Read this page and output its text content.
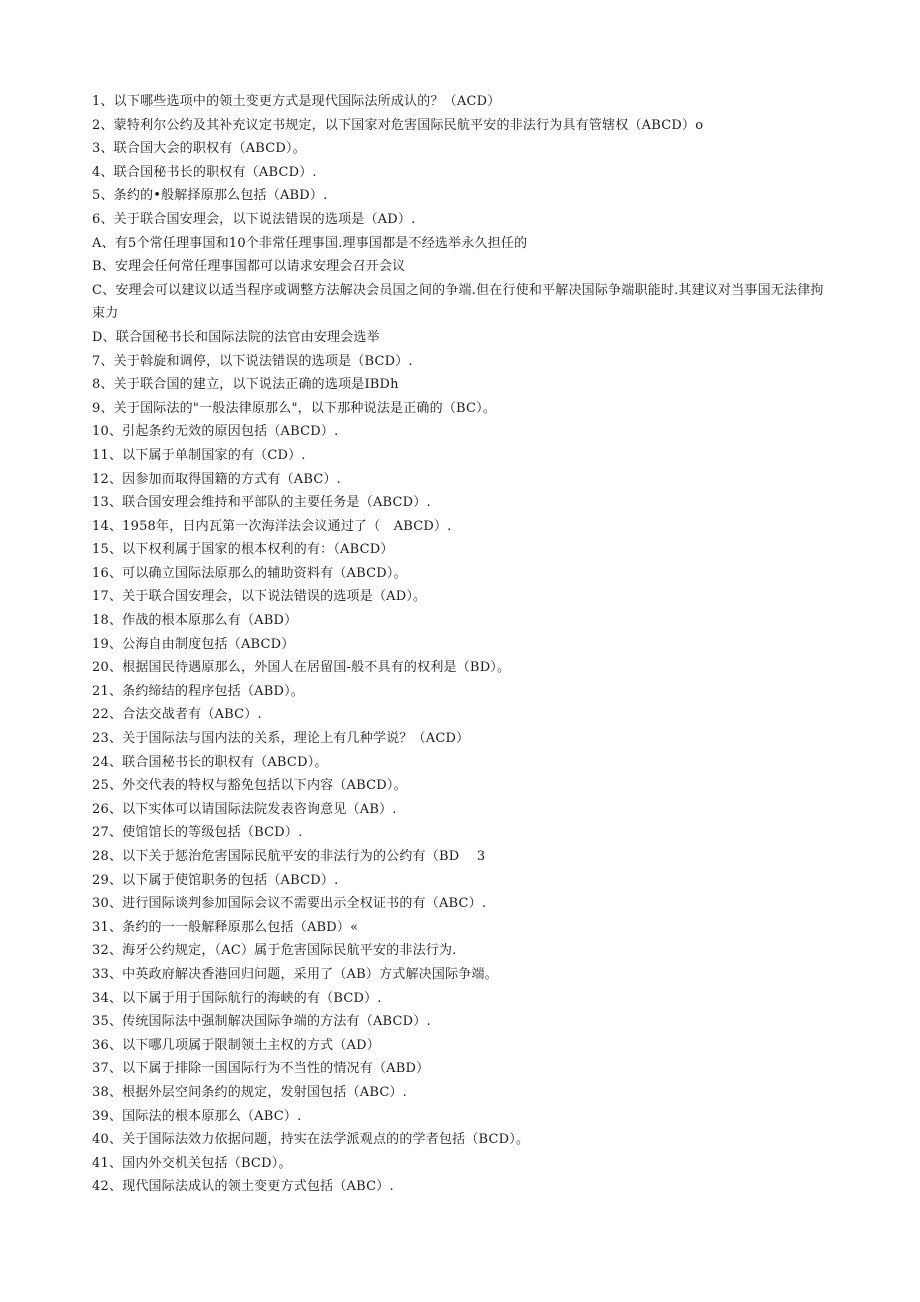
1、以下哪些选项中的领土变更方式是现代国际法所成认的？（ACD）
2、蒙特利尔公约及其补充议定书规定，以下国家对危害国际民航平安的非法行为具有管辖权（ABCD）o
3、联合国大会的职权有（ABCD）。
4、联合国秘书长的职权有（ABCD）.
5、条约的•般解择原那么包括（ABD）.
6、关于联合国安理会，以下说法错误的选项是（AD）.
A、有5个常任理事国和10个非常任理事国.理事国都是不经选举永久担任的
B、安理会任何常任理事国都可以请求安理会召开会议
C、安理会可以建议以适当程序或调整方法解决会员国之间的争端.但在行使和平解决国际争端职能时.其建议对当事国无法律拘束力
D、联合国秘书长和国际法院的法官由安理会选举
7、关于斡旋和调停，以下说法错误的选项是（BCD）.
8、关于联合国的建立，以下说法正确的选项是IBDh
9、关于国际法的"一般法律原那么"，以下那种说法是正确的（BC）。
10、引起条约无效的原因包括（ABCD）.
11、以下属于单制国家的有（CD）.
12、因参加而取得国籍的方式有（ABC）.
13、联合国安理会维持和平部队的主要任务是（ABCD）.
14、1958年，日内瓦第一次海洋法会议通过了（　ABCD）.
15、以下权利属于国家的根本权利的有：（ABCD）
16、可以确立国际法原那么的辅助资料有（ABCD）。
17、关于联合国安理会，以下说法错误的选项是（AD）。
18、作战的根本原那么有（ABD）
19、公海自由制度包括（ABCD）
20、根据国民待遇原那么，外国人在居留国-般不具有的权利是（BD）。
21、条约缔结的程序包括（ABD）。
22、合法交战者有（ABC）.
23、关于国际法与国内法的关系，理论上有几种学说？（ACD）
24、联合国秘书长的职权有（ABCD）。
25、外交代表的特权与豁免包括以下内容（ABCD）。
26、以下实体可以请国际法院发表咨询意见（AB）.
27、使馆馆长的等级包括（BCD）.
28、以下关于惩治危害国际民航平安的非法行为的公约有（BD　 3
29、以下属于使馆职务的包括（ABCD）.
30、进行国际谈判参加国际会议不需要出示全权证书的有（ABC）.
31、条约的一一般解释原那么包括（ABD）«
32、海牙公约规定，（AC）属于危害国际民航平安的非法行为.
33、中英政府解决香港回归问题，采用了（AB）方式解决国际争端。
34、以下属于用于国际航行的海峡的有（BCD）.
35、传统国际法中强制解决国际争端的方法有（ABCD）.
36、以下哪几项属于限制领土主权的方式（AD）
37、以下属于排除一国国际行为不当性的情况有（ABD）
38、根据外层空间条约的规定，发射国包括（ABC）.
39、国际法的根本原那么（ABC）.
40、关于国际法效力依据问题，持实在法学派观点的的学者包括（BCD）。
41、国内外交机关包括（BCD）。
42、现代国际法成认的领土变更方式包括（ABC）.
